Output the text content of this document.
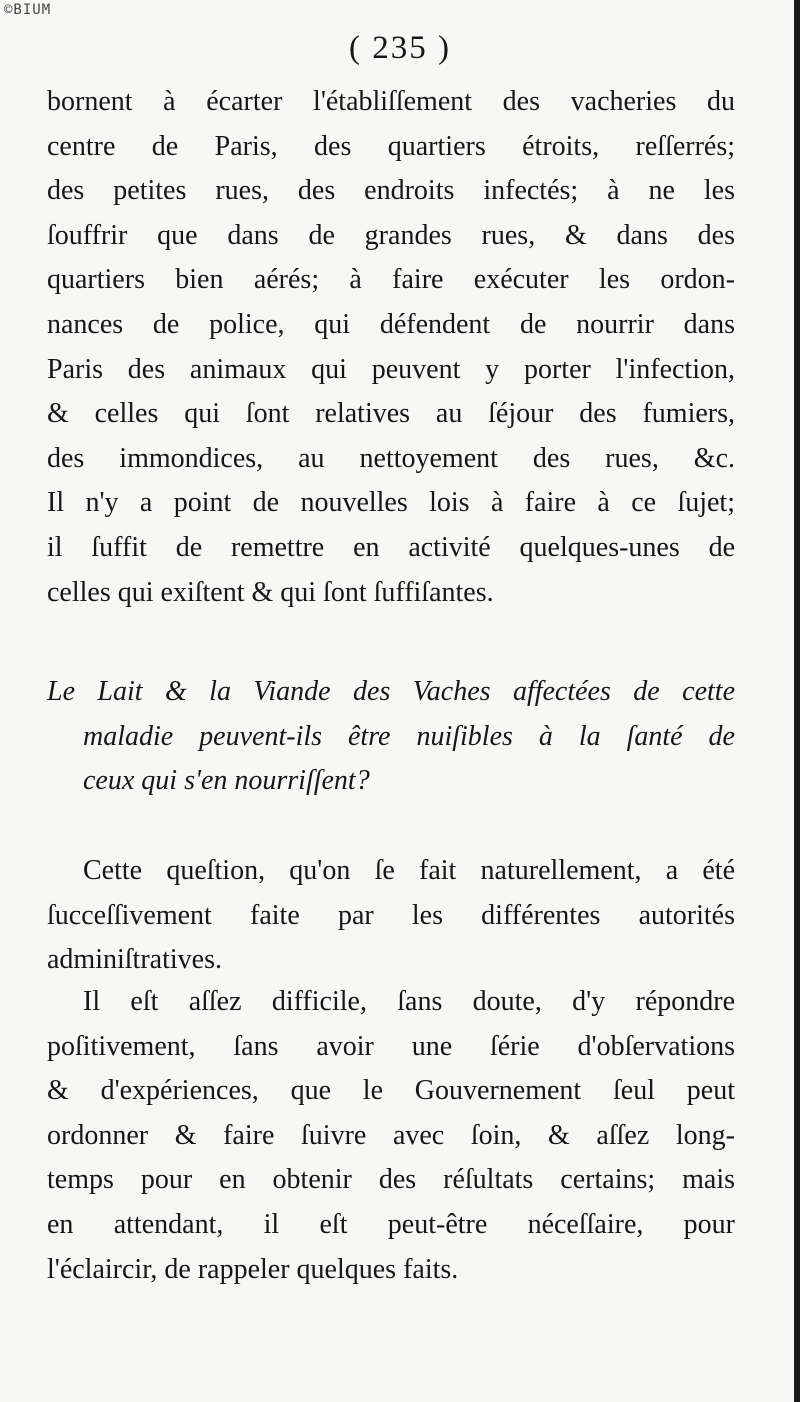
©BIUM
( 235 )
bornent à écarter l'établiſſement des vacheries du
centre de Paris, des quartiers étroits, reſſerrés;
des petites rues, des endroits infectés; à ne les
ſouffrir que dans de grandes rues, & dans des
quartiers bien aérés; à faire exécuter les ordon-
nances de police, qui défendent de nourrir dans
Paris des animaux qui peuvent y porter l'infection,
& celles qui ſont relatives au ſéjour des fumiers,
des immondices, au nettoyement des rues, &c.
Il n'y a point de nouvelles lois à faire à ce ſujet;
il ſuffit de remettre en activité quelques-unes de
celles qui exiſtent & qui ſont ſuffiſantes.
Le Lait & la Viande des Vaches affectées de cette
maladie peuvent-ils être nuiſibles à la ſanté de
ceux qui s'en nourriſſent?
Cette queſtion, qu'on ſe fait naturellement, a été
ſucceſſivement faite par les différentes autorités
adminiſtratives.
Il eſt aſſez difficile, ſans doute, d'y répondre
poſitivement, ſans avoir une ſérie d'obſervations
& d'expériences, que le Gouvernement ſeul peut
ordonner & faire ſuivre avec ſoin, & aſſez long-
temps pour en obtenir des réſultats certains; mais
en attendant, il eſt peut-être néceſſaire, pour
l'éclaircir, de rappeler quelques faits.
